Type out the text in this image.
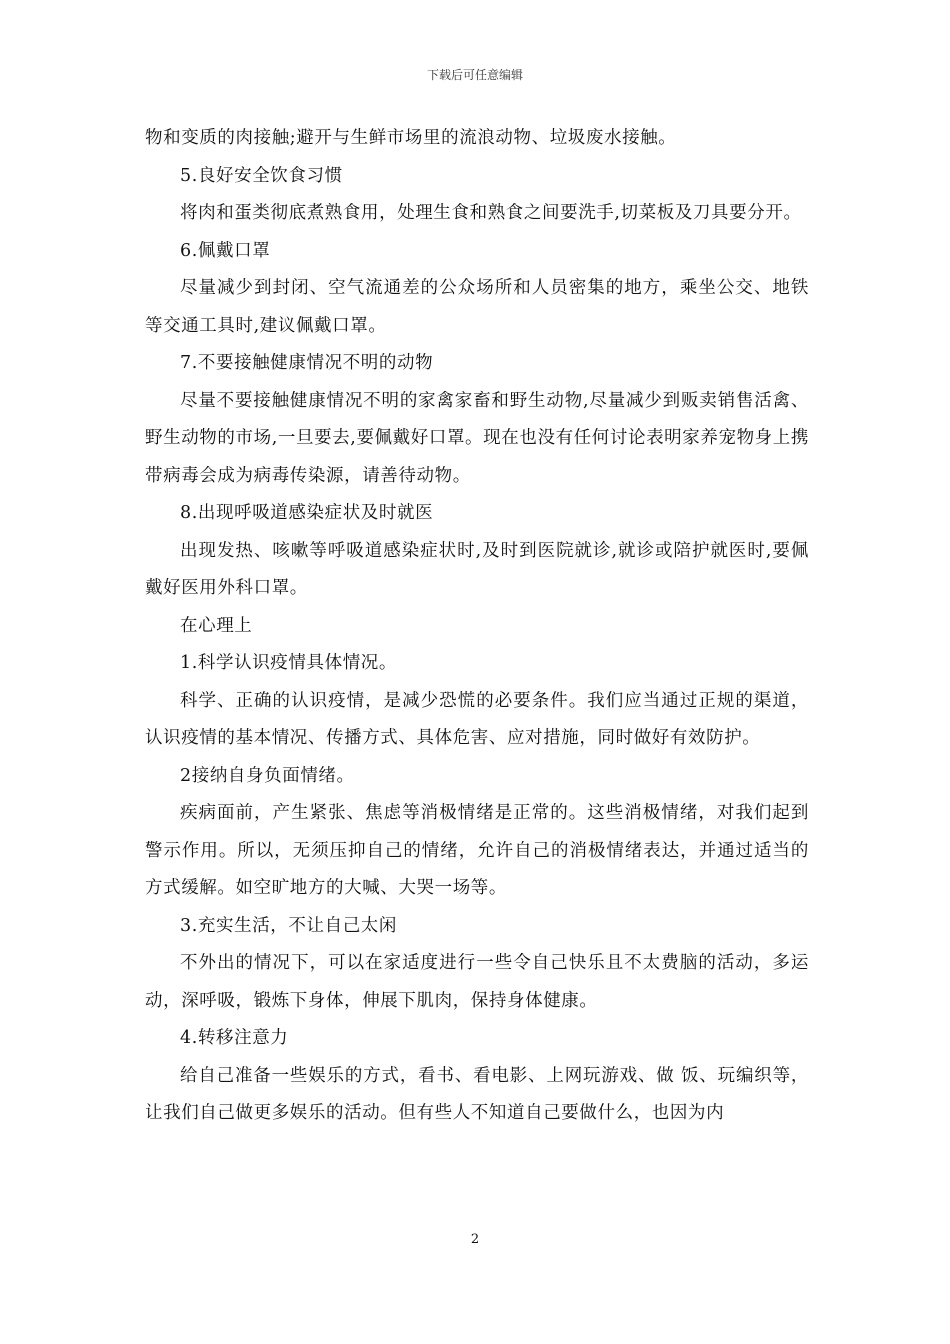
下载后可任意编辑

物和变质的肉接触;避开与生鲜市场里的流浪动物、垃圾废水接触。

5.良好安全饮食习惯

将肉和蛋类彻底煮熟食用，处理生食和熟食之间要洗手,切菜板及刀具要分开。

6.佩戴口罩

尽量减少到封闭、空气流通差的公众场所和人员密集的地方，乘坐公交、地铁等交通工具时,建议佩戴口罩。

7.不要接触健康情况不明的动物

尽量不要接触健康情况不明的家禽家畜和野生动物,尽量减少到贩卖销售活禽、野生动物的市场,一旦要去,要佩戴好口罩。现在也没有任何讨论表明家养宠物身上携带病毒会成为病毒传染源，请善待动物。

8.出现呼吸道感染症状及时就医

出现发热、咳嗽等呼吸道感染症状时,及时到医院就诊,就诊或陪护就医时,要佩戴好医用外科口罩。

在心理上

1.科学认识疫情具体情况。

科学、正确的认识疫情，是减少恐慌的必要条件。我们应当通过正规的渠道，认识疫情的基本情况、传播方式、具体危害、应对措施，同时做好有效防护。

2接纳自身负面情绪。

疾病面前，产生紧张、焦虑等消极情绪是正常的。这些消极情绪，对我们起到警示作用。所以，无须压抑自己的情绪，允许自己的消极情绪表达，并通过适当的方式缓解。如空旷地方的大喊、大哭一场等。

3.充实生活，不让自己太闲

不外出的情况下，可以在家适度进行一些令自己快乐且不太费脑的活动，多运动，深呼吸，锻炼下身体，伸展下肌肉，保持身体健康。

4.转移注意力

给自己准备一些娱乐的方式，看书、看电影、上网玩游戏、做 饭、玩编织等，让我们自己做更多娱乐的活动。但有些人不知道自己要做什么，也因为内

2
